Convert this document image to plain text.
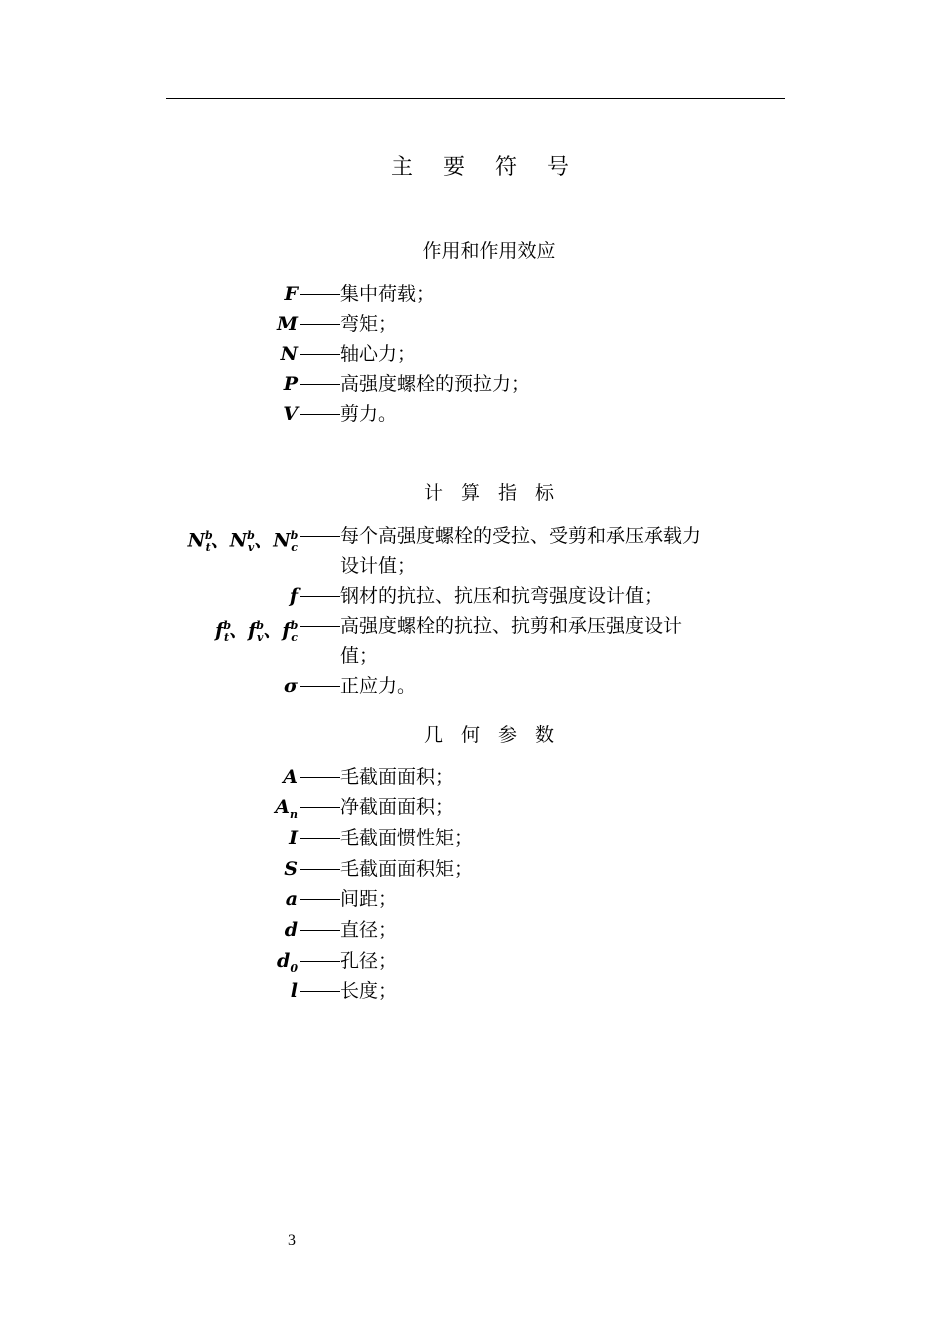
主要符号
作用和作用效应
F 集中荷载；
M 弯矩；
N 轴心力；
P 高强度螺栓的预拉力；
V 剪力。
计算指标
$N^b_t$、$N^b_v$、$N^b_c$
每个高强度螺栓的受拉、受剪和承压承载力
设计值；
f 钢材的抗拉、抗压和抗弯强度设计值；
$f^b_t$、$f^b_v$、$f^b_c$
高强度螺栓的抗拉、抗剪和承压强度设计
值；
σ 正应力。
几何参数
A 毛截面面积；
$A_n$ 净截面面积；
I 毛截面惯性矩；
S 毛截面面积矩；
a 间距；
d 直径；
$d_0$ 孔径；
l 长度；
3
